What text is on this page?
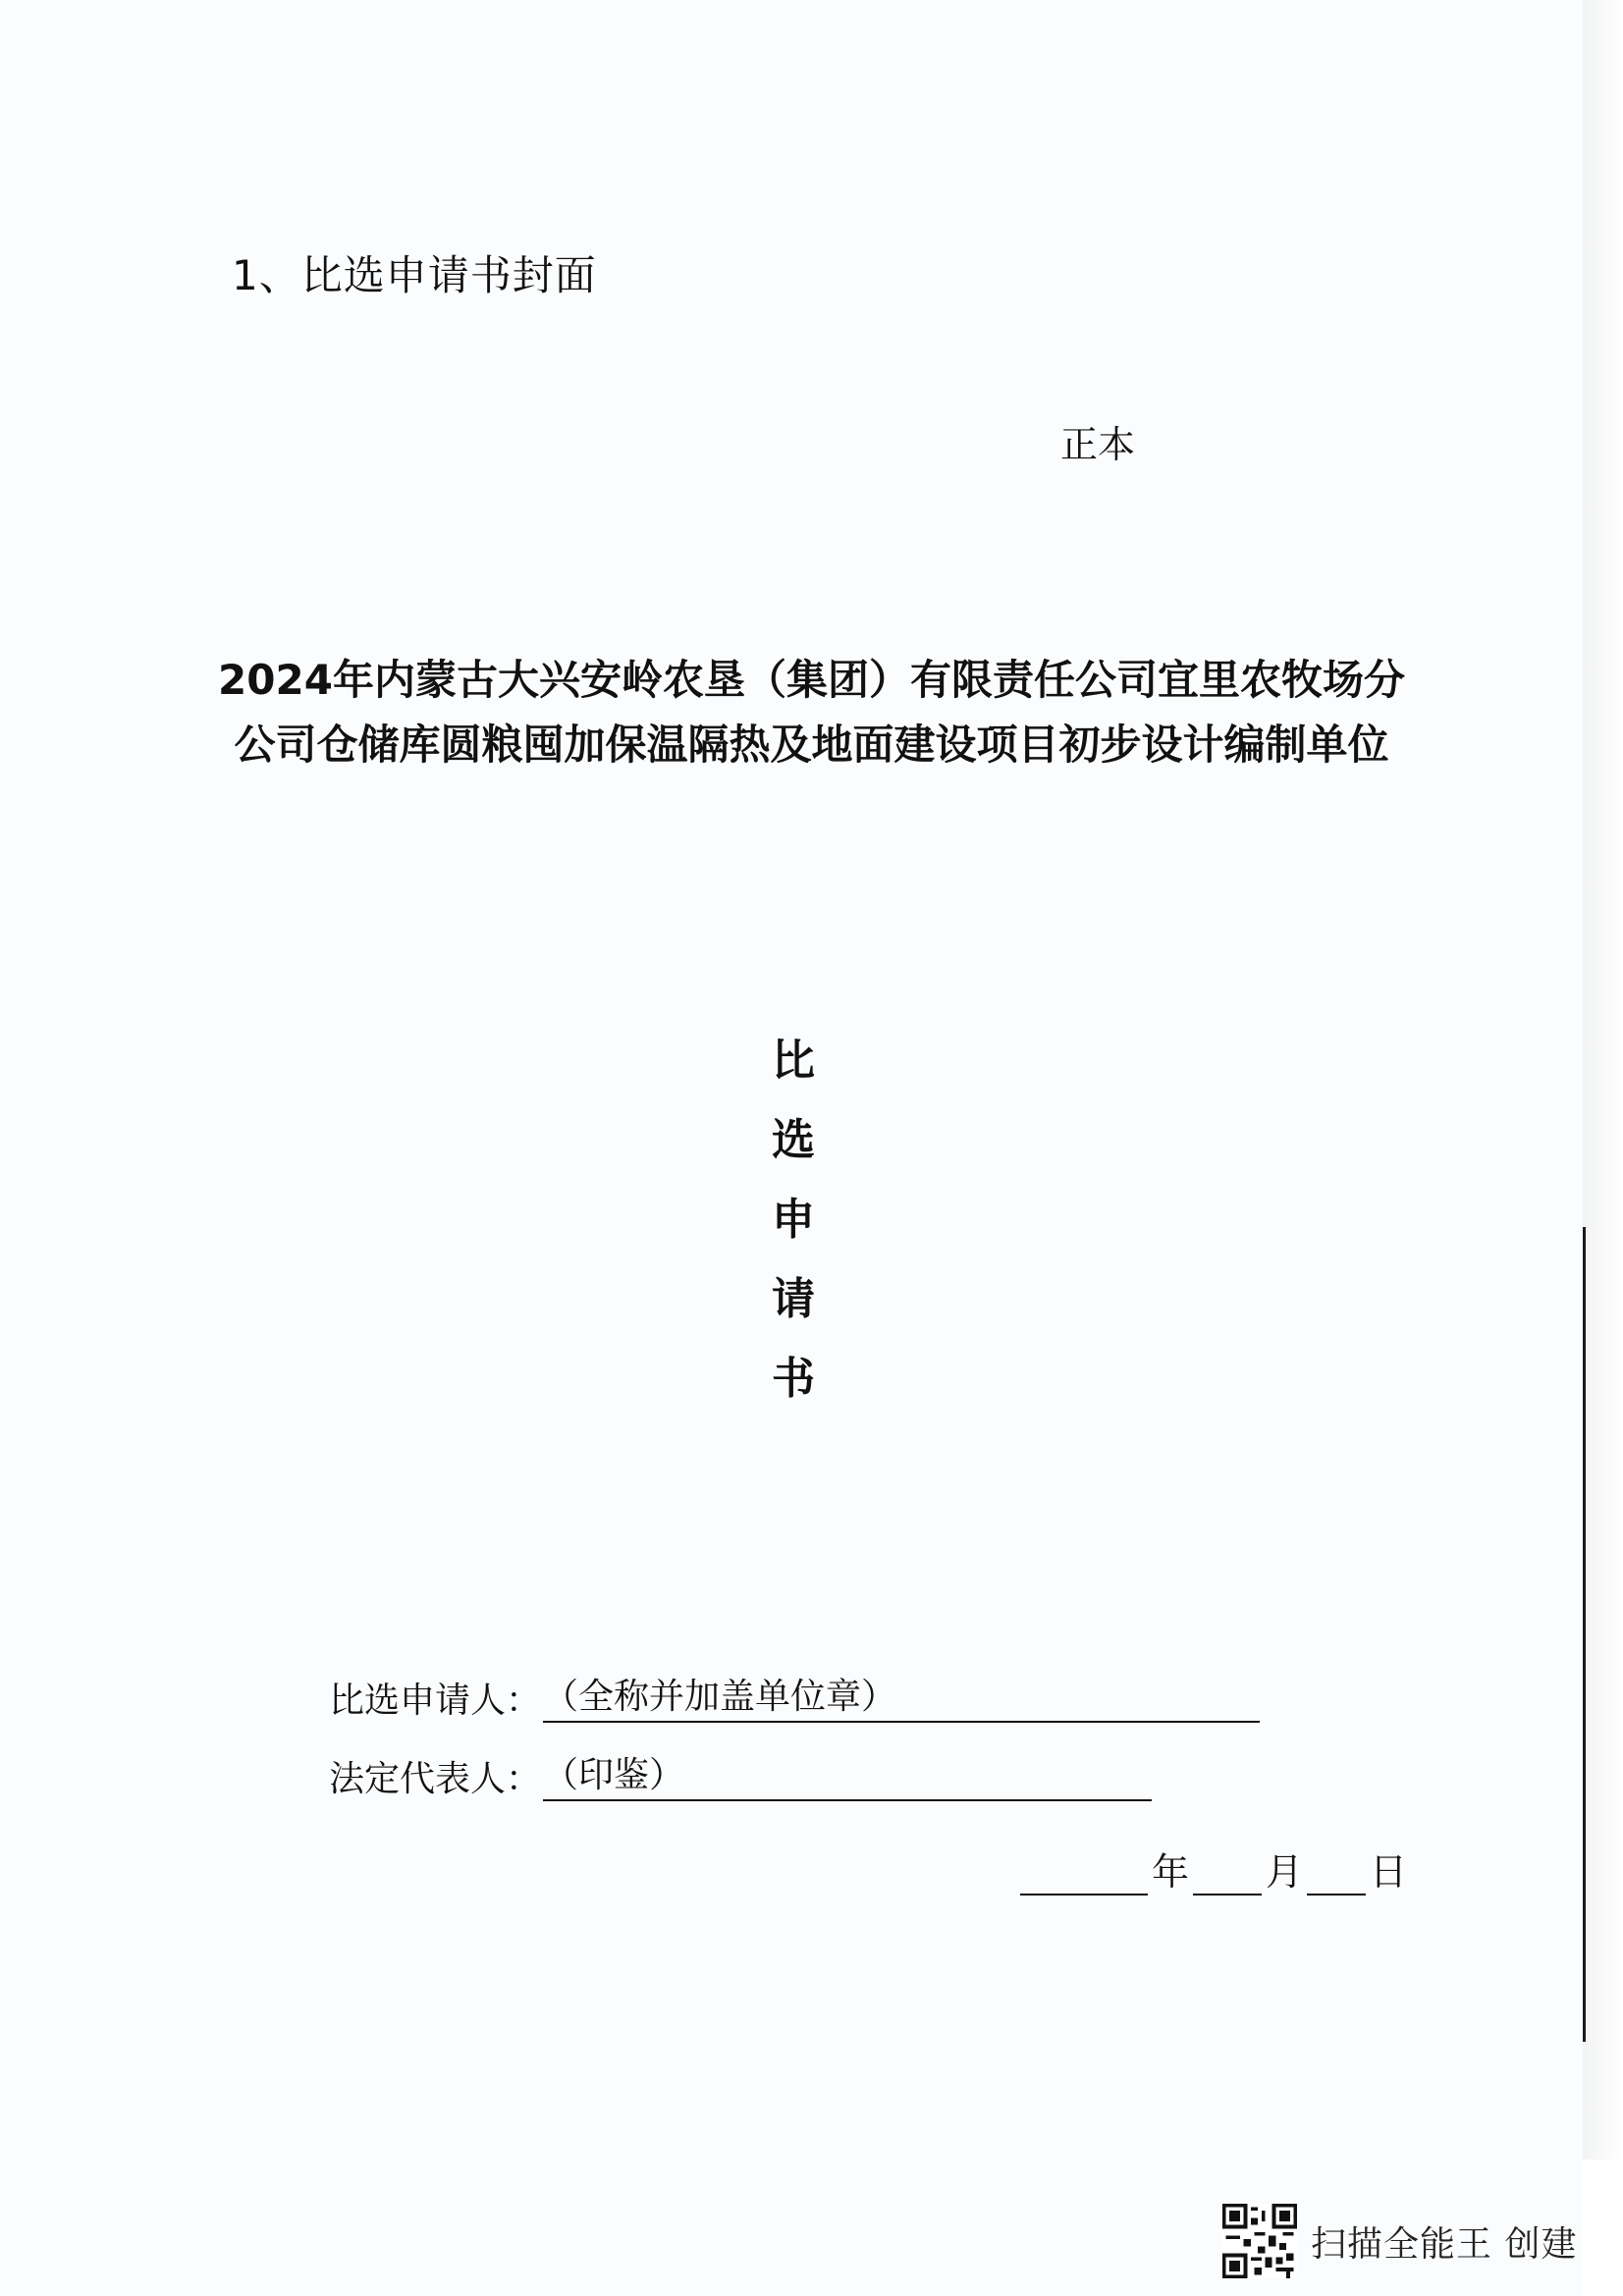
1、比选申请书封面
正本
2024年内蒙古大兴安岭农垦（集团）有限责任公司宜里农牧场分
公司仓储库圆粮囤加保温隔热及地面建设项目初步设计编制单位
比
选
申
请
书
比选申请人： （全称并加盖单位章）
法定代表人： （印鉴）
年 月 日
扫描全能王 创建
